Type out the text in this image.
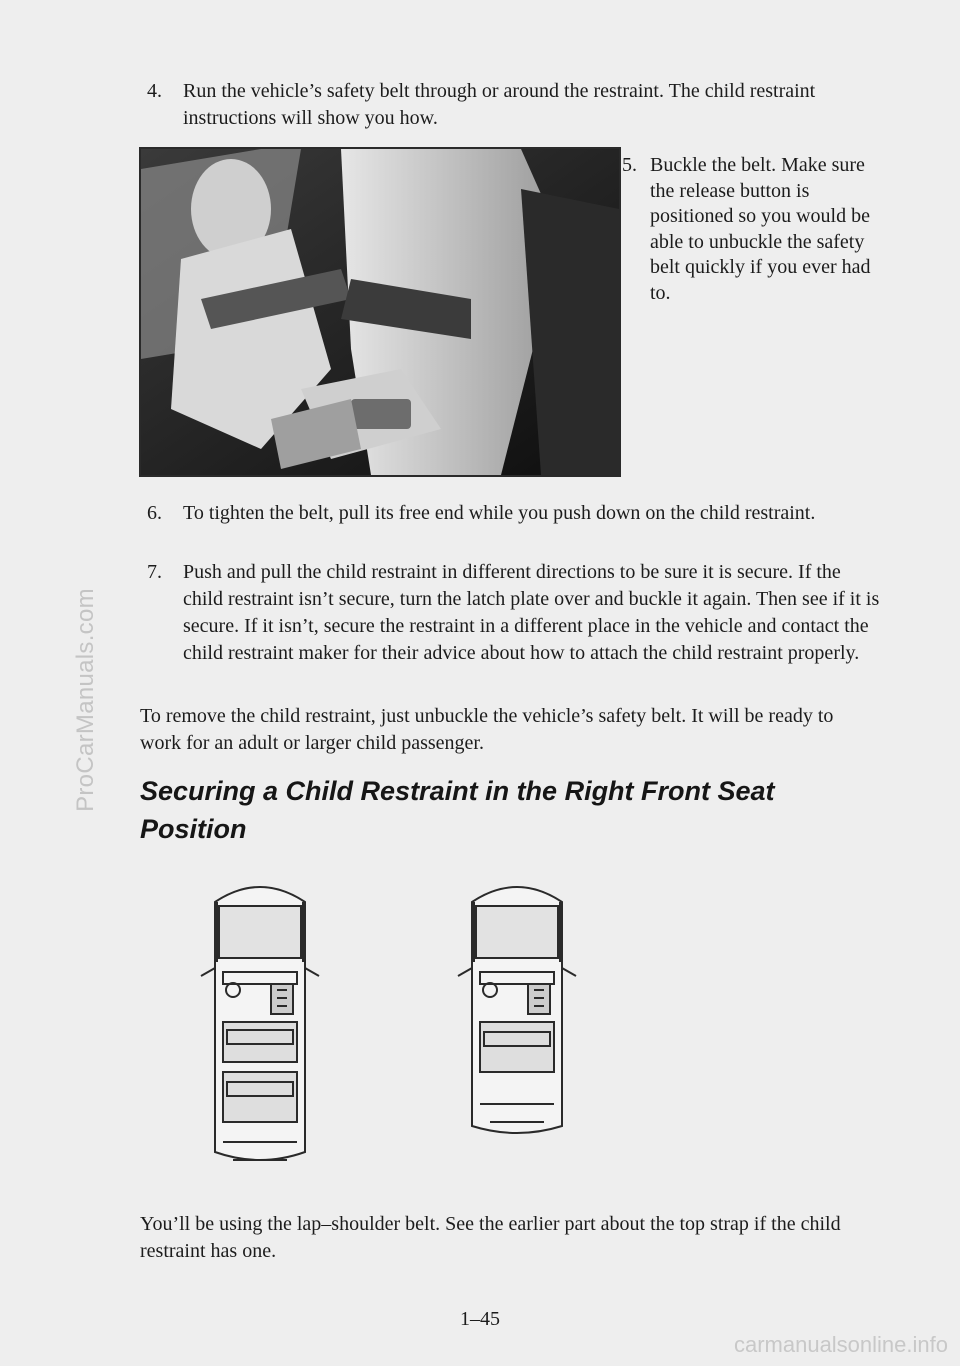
ProCarManuals.com
carmanualsonline.info
4. Run the vehicle’s safety belt through or around the restraint. The child restraint instructions will show you how.
5. Buckle the belt. Make sure the release button is positioned so you would be able to unbuckle the safety belt quickly if you ever had to.
6. To tighten the belt, pull its free end while you push down on the child restraint.
7. Push and pull the child restraint in different directions to be sure it is secure. If the child restraint isn’t secure, turn the latch plate over and buckle it again. Then see if it is secure. If it isn’t, secure the restraint in a different place in the vehicle and contact the child restraint maker for their advice about how to attach the child restraint properly.
To remove the child restraint, just unbuckle the vehicle’s safety belt. It will be ready to work for an adult or larger child passenger.
Securing a Child Restraint in the Right Front Seat Position
You’ll be using the lap–shoulder belt. See the earlier part about the top strap if the child restraint has one.
1–45
